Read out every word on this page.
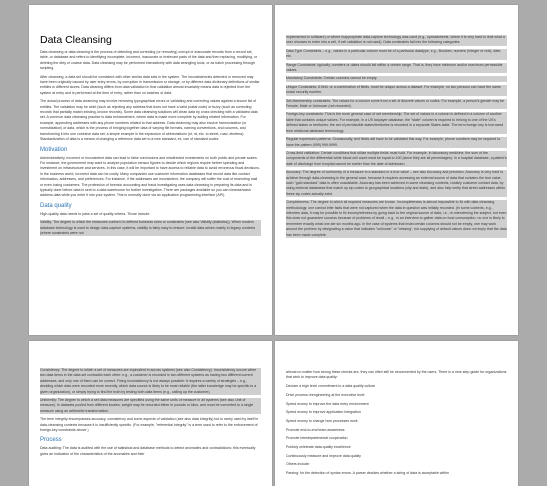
Data Cleansing
Data cleansing or data cleaning is the process of detecting and correcting (or removing) corrupt or inaccurate records from a record set, table, or database and refers to identifying incomplete, incorrect, inaccurate or irrelevant parts of the data and then replacing, modifying, or deleting the dirty or coarse data. Data cleansing may be performed interactively with data wrangling tools, or as batch processing through scripting.
After cleansing, a data set should be consistent with other similar data sets in the system. The inconsistencies detected or removed may have been originally caused by user entry errors, by corruption in transmission or storage, or by different data dictionary definitions of similar entities in different stores. Data cleaning differs from data validation in that validation almost invariably means data is rejected from the system at entry and is performed at the time of entry, rather than on batches of data.
The actual process of data cleansing may involve removing typographical errors or validating and correcting values against a known list of entities. The validation may be strict (such as rejecting any address that does not have a valid postal code) or fuzzy (such as correcting records that partially match existing, known records). Some data cleansing solutions will clean data by cross checking with a validated data set. A common data cleansing practice is data enhancement, where data is made more complete by adding related information. For example, appending addresses with any phone numbers related to that address. Data cleansing may also involve harmonization (or normalization) of data, which is the process of bringing together data of varying file formats, naming conventions, and columns, and transforming it into one cohesive data set; a simple example is the expansion of abbreviations (st, rd, etc. to street, road, etcetera). Standardization of data is a means of changing a reference data set to a new standard, ex, use of standard codes.
Motivation
Administratively, incorrect or inconsistent data can lead to false conclusions and misdirected investments on both public and private scales. For instance, the government may want to analyze population census figures to decide which regions require further spending and investment on infrastructure and services. In this case, it will be important to have access to reliable data to avoid erroneous fiscal decisions. In the business world, incorrect data can be costly. Many companies use customer information databases that record data like contact information, addresses, and preferences. For instance, if the addresses are inconsistent, the company will suffer the cost of resending mail or even losing customers. The profession of forensic accounting and fraud investigating uses data cleansing in preparing its data and is typically done before data is sent to a data warehouse for further investigation. There are packages available so you can cleanse/wash address data while you enter it into your system. This is normally done via an application programming interface (API).
Data quality
High-quality data needs to pass a set of quality criteria. Those include:
Validity: The degree to which the measures conform to defined business rules or constraints (see also Validity (statistics)). When modern database technology is used to design data-capture systems, validity is fairly easy to ensure: invalid data arises mainly in legacy contexts (where constraints were not
implemented in software) or where inappropriate data-capture technology was used (e.g., spreadsheets, where it is very hard to limit what a user chooses to enter into a cell, if cell validation is not used). Data constraints fall into the following categories:
Data-Type Constraints – e.g., values in a particular column must be of a particular datatype, e.g., Boolean, numeric (integer or real), date, etc.
Range Constraints: typically, numbers or dates should fall within a certain range. That is, they have minimum and/or maximum permissible values.
Mandatory Constraints: Certain columns cannot be empty.
Unique Constraints: A field, or a combination of fields, must be unique across a dataset. For example, no two persons can have the same social security number.
Set-Membership constraints: The values for a column come from a set of discrete values or codes. For example, a person's gender may be Female, Male or Unknown (not recorded).
Foreign-key constraints: This is the more general case of set membership. The set of values in a column is defined in a column of another table that contains unique values. For example, in a US taxpayer database, the "state" column is required to belong to one of the US's defined states or territories: the set of permissible states/territories is recorded in a separate States table. The term foreign key is borrowed from relational database terminology.
Regular expression patterns: Occasionally, text fields will have to be validated this way. For example, phone numbers may be required to have the pattern (999) 999-9999.
Cross-field validation: Certain conditions that utilize multiple fields must hold. For example, in laboratory medicine, the sum of the components of the differential white blood cell count must be equal to 100 (since they are all percentages). In a hospital database, a patient's date of discharge from hospital cannot be earlier than the date of admission.
Accuracy: The degree of conformity of a measure to a standard or a true value – see also Accuracy and precision. Accuracy is very hard to achieve through data-cleansing in the general case, because it requires accessing an external source of data that contains the true value: such "gold standard" data is often unavailable. Accuracy has been achieved in some cleansing contexts, notably customer contact data, by using external databases that match up zip codes to geographical locations (city and state), and also help verify that street addresses within these zip codes actually exist.
Completeness: The degree to which all required measures are known. Incompleteness is almost impossible to fix with data cleansing methodology: one cannot infer facts that were not captured when the data in question was initially recorded. (In some contexts, e.g., interview data, it may be possible to fix incompleteness by going back to the original source of data, i.e., re-interviewing the subject, but even this does not guarantee success because of problems of recall – e.g., in an interview to gather data on food consumption, no one is likely to remember exactly what one ate six months ago. In the case of systems that insist certain columns should not be empty, one may work around the problem by designating a value that indicates "unknown" or "missing", but supplying of default values does not imply that the data has been made complete.
Consistency: The degree to which a set of measures are equivalent in across systems (see also Consistency). Inconsistency occurs when two data items in the data set contradict each other: e.g., a customer is recorded in two different systems as having two different current addresses, and only one of them can be correct. Fixing inconsistency is not always possible: it requires a variety of strategies – e.g., deciding which data were recorded more recently, which data source is likely to be most reliable (the latter knowledge may be specific to a given organization), or simply trying to find the truth by testing both data items (e.g., calling up the customer).
Uniformity: The degree to which a set data measures are specified using the same units of measure in all systems (see also Unit of measure). In datasets pooled from different locales, weight may be recorded either in pounds or kilos, and must be converted to a single measure using an arithmetic transformation.
The term integrity encompasses accuracy, consistency and some aspects of validation (see also data integrity) but is rarely used by itself in data-cleansing contexts because it is insufficiently specific. (For example, "referential integrity" is a term used to refer to the enforcement of foreign-key constraints above.)
Process
Data auditing: The data is audited with the use of statistical and database methods to detect anomalies and contradictions: this eventually gives an indication of the characteristics of the anomalies and their
almost no matter how strong these checks are, they can often still be circumvented by the users. There is a nine-step guide for organizations that wish to improve data quality:
Declare a high level commitment to a data quality culture
Drive process reengineering at the executive level
Spend money to improve the data entry environment
Spend money to improve application integration
Spend money to change how processes work
Promote end-to-end team awareness
Promote interdepartmental cooperation
Publicly celebrate data quality excellence
Continuously measure and improve data quality
Others include:
Parsing: for the detection of syntax errors. A parser decides whether a string of data is acceptable within
